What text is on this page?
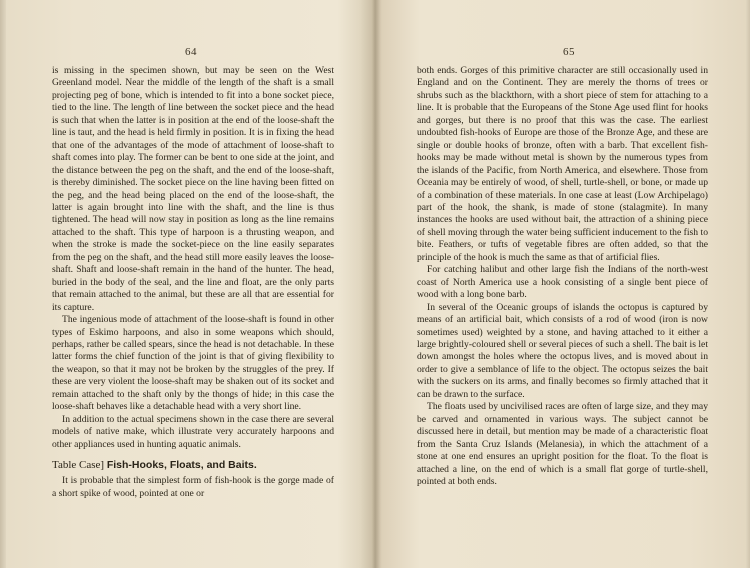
64

is missing in the specimen shown, but may be seen on the West Greenland model. Near the middle of the length of the shaft is a small projecting peg of bone, which is intended to fit into a bone socket piece, tied to the line. The length of line between the socket piece and the head is such that when the latter is in position at the end of the loose-shaft the line is taut, and the head is held firmly in position. It is in fixing the head that one of the advantages of the mode of attachment of loose-shaft to shaft comes into play. The former can be bent to one side at the joint, and the distance between the peg on the shaft, and the end of the loose-shaft, is thereby diminished. The socket piece on the line having been fitted on the peg, and the head being placed on the end of the loose-shaft, the latter is again brought into line with the shaft, and the line is thus tightened. The head will now stay in position as long as the line remains attached to the shaft. This type of harpoon is a thrusting weapon, and when the stroke is made the socket-piece on the line easily separates from the peg on the shaft, and the head still more easily leaves the loose-shaft. Shaft and loose-shaft remain in the hand of the hunter. The head, buried in the body of the seal, and the line and float, are the only parts that remain attached to the animal, but these are all that are essential for its capture.

The ingenious mode of attachment of the loose-shaft is found in other types of Eskimo harpoons, and also in some weapons which should, perhaps, rather be called spears, since the head is not detachable. In these latter forms the chief function of the joint is that of giving flexibility to the weapon, so that it may not be broken by the struggles of the prey. If these are very violent the loose-shaft may be shaken out of its socket and remain attached to the shaft only by the thongs of hide; in this case the loose-shaft behaves like a detachable head with a very short line.

In addition to the actual specimens shown in the case there are several models of native make, which illustrate very accurately harpoons and other appliances used in hunting aquatic animals.

Table Case] Fish-Hooks, Floats, and Baits.

It is probable that the simplest form of fish-hook is the gorge made of a short spike of wood, pointed at one or

65

both ends. Gorges of this primitive character are still occasionally used in England and on the Continent. They are merely the thorns of trees or shrubs such as the blackthorn, with a short piece of stem for attaching to a line. It is probable that the Europeans of the Stone Age used flint for hooks and gorges, but there is no proof that this was the case. The earliest undoubted fish-hooks of Europe are those of the Bronze Age, and these are single or double hooks of bronze, often with a barb. That excellent fish-hooks may be made without metal is shown by the numerous types from the islands of the Pacific, from North America, and elsewhere. Those from Oceania may be entirely of wood, of shell, turtle-shell, or bone, or made up of a combination of these materials. In one case at least (Low Archipelago) part of the hook, the shank, is made of stone (stalagmite). In many instances the hooks are used without bait, the attraction of a shining piece of shell moving through the water being sufficient inducement to the fish to bite. Feathers, or tufts of vegetable fibres are often added, so that the principle of the hook is much the same as that of artificial flies.

For catching halibut and other large fish the Indians of the north-west coast of North America use a hook consisting of a single bent piece of wood with a long bone barb.

In several of the Oceanic groups of islands the octopus is captured by means of an artificial bait, which consists of a rod of wood (iron is now sometimes used) weighted by a stone, and having attached to it either a large brightly-coloured shell or several pieces of such a shell. The bait is let down amongst the holes where the octopus lives, and is moved about in order to give a semblance of life to the object. The octopus seizes the bait with the suckers on its arms, and finally becomes so firmly attached that it can be drawn to the surface.

The floats used by uncivilised races are often of large size, and they may be carved and ornamented in various ways. The subject cannot be discussed here in detail, but mention may be made of a characteristic float from the Santa Cruz Islands (Melanesia), in which the attachment of a stone at one end ensures an upright position for the float. To the float is attached a line, on the end of which is a small flat gorge of turtle-shell, pointed at both ends.
